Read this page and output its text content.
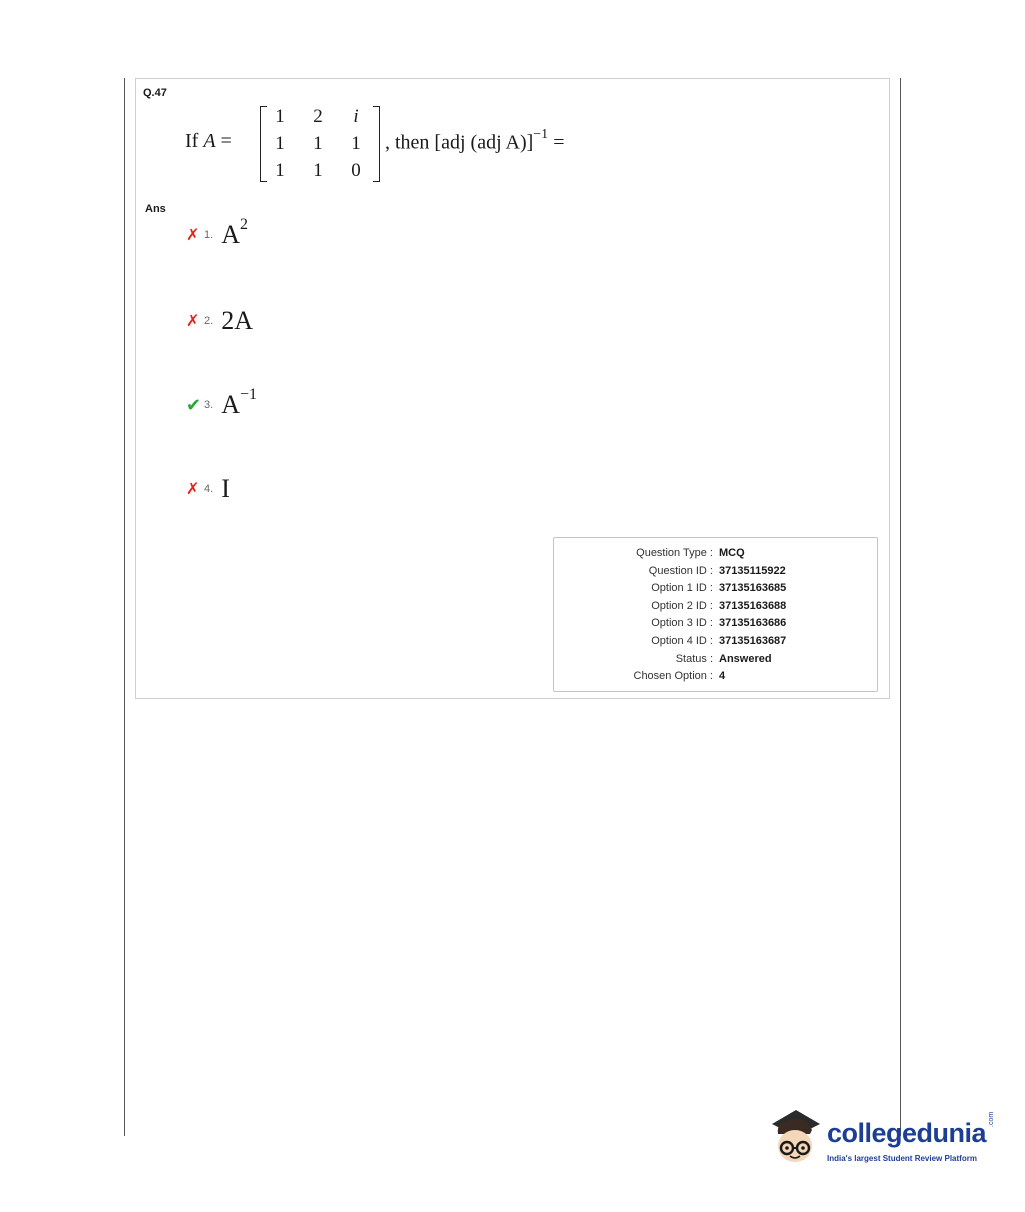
Q.47
If A =
1 2	i
1 1 1
1 1 0
, then [adj (adj A)]$^{-1}$ =
Ans
✗ 1. $A^2$
✗ 2. 2A
✔ 3. $A^{-1}$
✗ 4. I
Question Type : MCQ
Question ID : 37135115922
Option 1 ID : 37135163685
Option 2 ID : 37135163688
Option 3 ID : 37135163686
Option 4 ID : 37135163687
Status : Answered
Chosen Option : 4
collegedunia .com
India's largest Student Review Platform
